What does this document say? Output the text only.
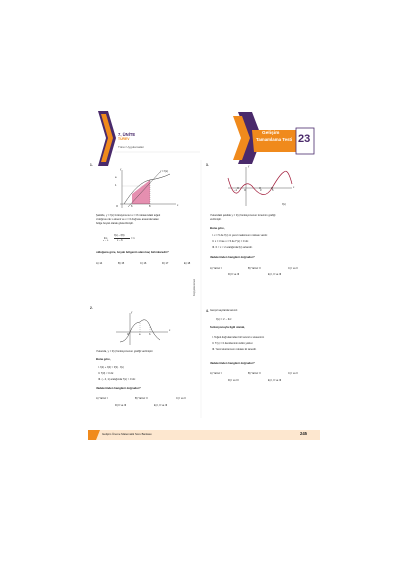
7. ÜNİTE
TÜREV
Türev Uygulamaları
Gelişim
Tamamlama Testi 23
1.
y
y = f(x)
x
O
1
6	8
a
Şekilde, y = f(x) fonksiyonunun x = 8 noktasındaki teğeti
d doğrusu ile x ekseni ve x = 6 doğrusu arasında kalan
bölge boyalı olarak gösterilmiştir.
lim
x → 6
f(x) – f(6)
x – 6
= 1
olduğuna göre, boyalı bölgenin alanı kaç birimkaredir?
A) 14	B) 15	C) 16	D) 17	E) 18
2.
y
x
O	a	b
Yukarıda, y = f(x) fonksiyonunun grafiği verilmiştir.
Buna göre,
I. f(1) + f(4) > f(3) · f(x)
II. f'(3) < 0 dır.
III. (– 4, 1) aralığında f'(x) > 0 dır.
ifadelerinden hangileri doğrudur?
A) Yalnız I	B) Yalnız II	C) I ve II
D) II ve III	E) I, II ve III
Kopyalanamaz
3.	y
x
–1	O	3	5
f(x)
Yukarıdaki şekilde y = f(x) fonksiyonunun türevinin grafiği
verilmiştir.
Buna göre,
I. x = 5 de f'(x) in yerel maksimum noktası vardır.
II. x = 3 ise x = 5 de f''(x) = 0 dır.
III. 0 < x < 2 aralığında f(x) artandır.
ifadelerinden hangileri doğrudur?
A) Yalnız I	B) Yalnız II	C) I ve II
D) II ve III	E) I, II ve III
4. Gerçel sayılarda tanımlı
f(x) = x³ – 3x²
fonksiyonuyla ilgili olarak,
I. Teğeti doğrularından biri tanımlı x ekseninin
II. f''(x) = 0 denkleminin kökü yoktur.
III. Yerel ekstremum noktası iki tanedir.
ifadelerinden hangileri doğrudur?
A) Yalnız I	B) Yalnız II	C) I ve II
D) I ve III	E) I, II ve III
Gelişim Üreme Matematik Soru Bankası	245
